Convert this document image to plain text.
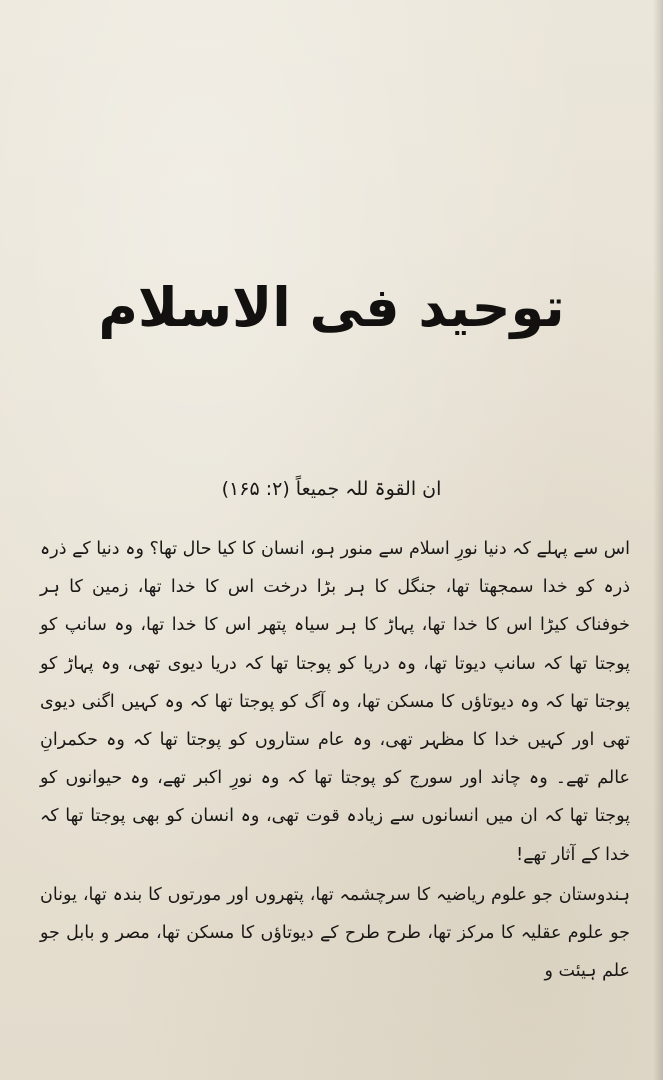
توحید فی الاسلام
ان القوۃ للہ جمیعاً (۲: ۱۶۵)

اس سے پہلے کہ دنیا نورِ اسلام سے منور ہو، انسان کا کیا حال تھا؟ وہ دنیا کے ذرہ ذرہ کو خدا سمجھتا تھا، جنگل کا ہر بڑا درخت اس کا خدا تھا، زمین کا ہر خوفناک کیڑا اس کا خدا تھا، پہاڑ کا ہر سیاہ پتھر اس کا خدا تھا، وہ سانپ کو پوجتا تھا کہ سانپ دیوتا تھا، وہ دریا کو پوجتا تھا کہ دریا دیوی تھی، وہ پہاڑ کو پوجتا تھا کہ وہ دیوتاؤں کا مسکن تھا، وہ آگ کو پوجتا تھا کہ وہ کہیں اگنی دیوی تھی اور کہیں خدا کا مظہر تھی، وہ عام ستاروں کو پوجتا تھا کہ وہ حکمرانِ عالم تھے۔ وہ چاند اور سورج کو پوجتا تھا کہ وہ نورِ اکبر تھے، وہ حیوانوں کو پوجتا تھا کہ ان میں انسانوں سے زیادہ قوت تھی، وہ انسان کو بھی پوجتا تھا کہ خدا کے آثار تھے!

ہندوستان جو علوم ریاضیہ کا سرچشمہ تھا، پتھروں اور مورتوں کا بندہ تھا، یونان جو علوم عقلیہ کا مرکز تھا، طرح طرح کے دیوتاؤں کا مسکن تھا، مصر و بابل جو علم ہیئت و
